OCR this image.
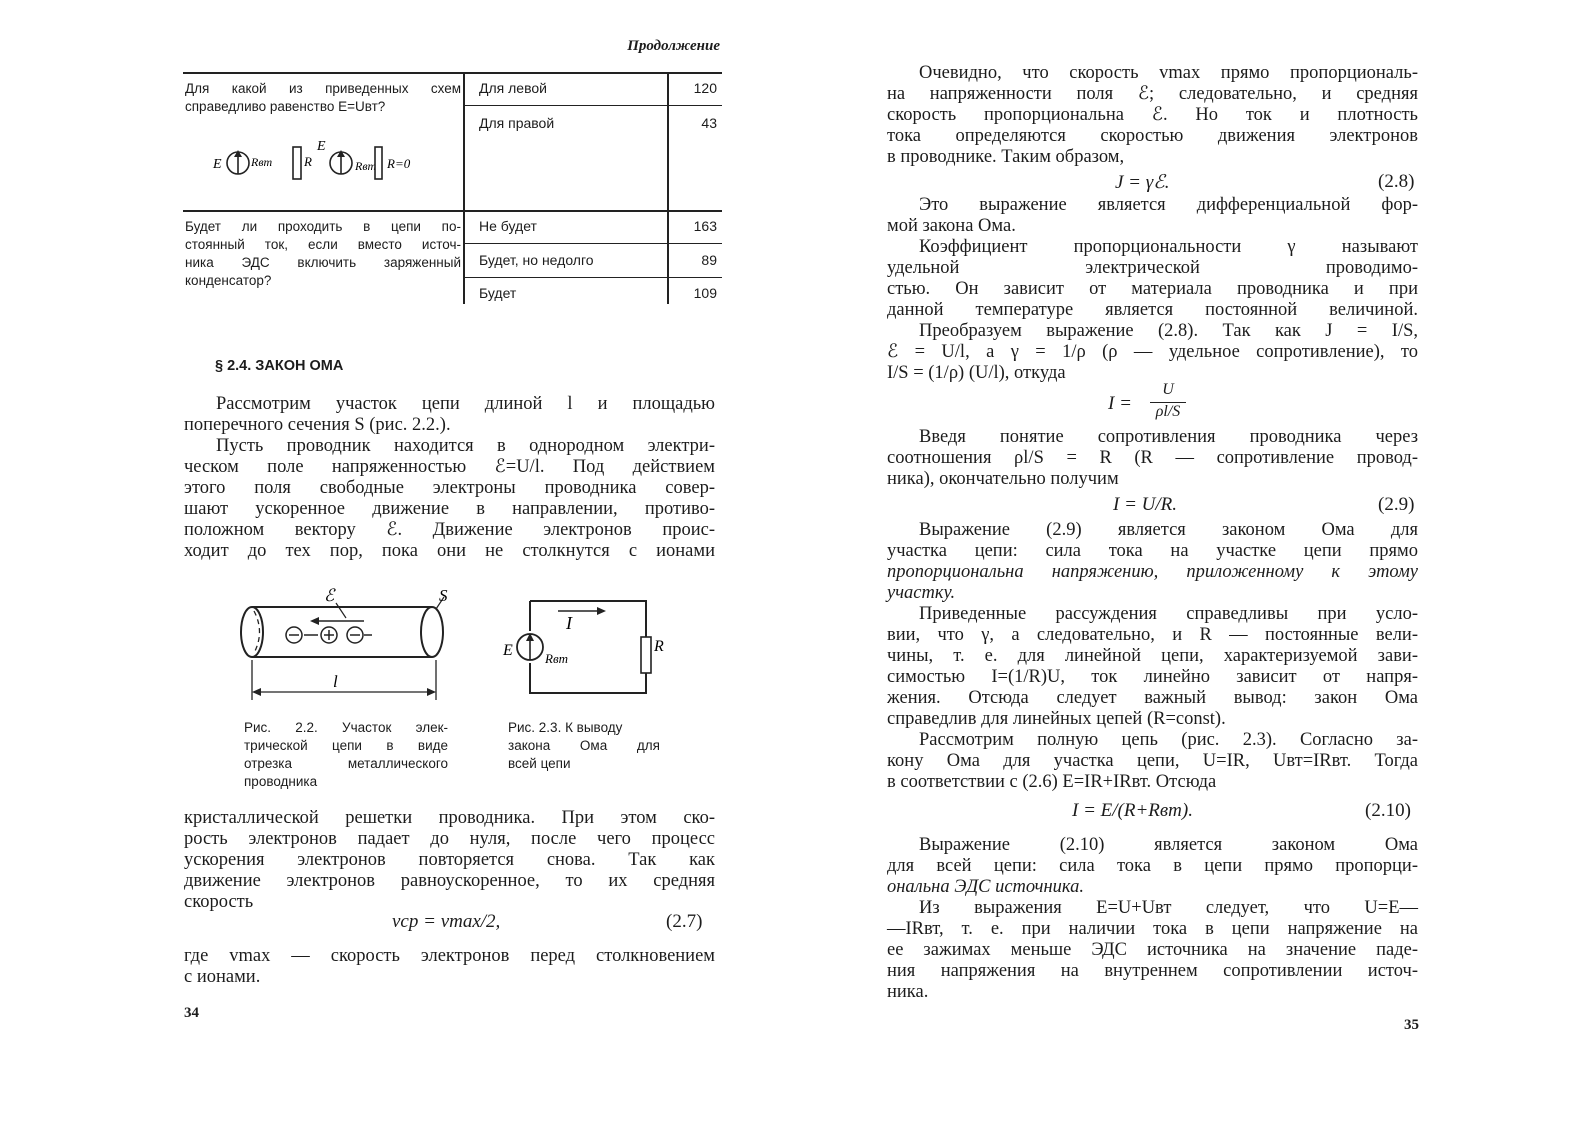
Продолжение
Для какой из приведенных схем
справедливо равенство E=Uвт?
E Rвт R
E
Rвт R=0
Для левой	120
Для правой	43
Будет ли проходить в цепи по-
стоянный ток, если вместо источ-
ника ЭДС включить заряженный
конденсатор?
Не будет	163
Будет, но недолго	89
Будет	109
§ 2.4. ЗАКОН ОМА
Рассмотрим участок цепи длиной l и площадью
поперечного сечения S (рис. 2.2.).
Пусть проводник находится в однородном электри-
ческом поле напряженностью ℰ=U/l. Под действием
этого поля свободные электроны проводника совер-
шают ускоренное движение в направлении, противо-
положном вектору ℰ. Движение электронов проис-
ходит до тех пор, пока они не столкнутся с ионами
ℰ	S
l
Рис. 2.2. Участок элек-
трической цепи в виде
отрезка металлического
проводника
E Rвт
R
I
Рис. 2.3. К выводу
закона Ома для
всей цепи
кристаллической решетки проводника. При этом ско-
рость электронов падает до нуля, после чего процесс
ускорения электронов повторяется снова. Так как
движение электронов равноускоренное, то их средняя
скорость
vср = vmax/2,	(2.7)
где vmax — скорость электронов перед столкновением
с ионами.
34
Очевидно, что скорость vmax прямо пропорциональ-
на напряженности поля ℰ; следовательно, и средняя
скорость пропорциональна ℰ. Но ток и плотность
тока определяются скоростью движения электронов
в проводнике. Таким образом,
J = γℰ.	(2.8)
Это выражение является дифференциальной фор-
мой закона Ома.
Коэффициент пропорциональности γ называют
удельной электрической проводимо-
стью. Он зависит от материала проводника и при
данной температуре является постоянной величиной.
Преобразуем выражение (2.8). Так как J = I/S,
ℰ = U/l, а γ = 1/ρ (ρ — удельное сопротивление), то
I/S = (1/ρ) (U/l), откуда
I =
U
ρl/S
Введя понятие сопротивления проводника через
соотношения ρl/S = R (R — сопротивление провод-
ника), окончательно получим
I = U/R.	(2.9)
Выражение (2.9) является законом Ома для
участка цепи: сила тока на участке цепи прямо
пропорциональна напряжению, приложенному к этому
участку.
Приведенные рассуждения справедливы при усло-
вии, что γ, а следовательно, и R — постоянные вели-
чины, т. е. для линейной цепи, характеризуемой зави-
симостью I=(1/R)U, ток линейно зависит от напря-
жения. Отсюда следует важный вывод: закон Ома
справедлив для линейных цепей (R=const).
Рассмотрим полную цепь (рис. 2.3). Согласно за-
кону Ома для участка цепи, U=IR, Uвт=IRвт. Тогда
в соответствии с (2.6) E=IR+IRвт. Отсюда
I = E/(R+Rвт).	(2.10)
Выражение (2.10) является законом Ома
для всей цепи: сила тока в цепи прямо пропорци-
ональна ЭДС источника.
Из выражения E=U+Uвт следует, что U=E—
—IRвт, т. е. при наличии тока в цепи напряжение на
ее зажимах меньше ЭДС источника на значение паде-
ния напряжения на внутреннем сопротивлении источ-
ника.
35
